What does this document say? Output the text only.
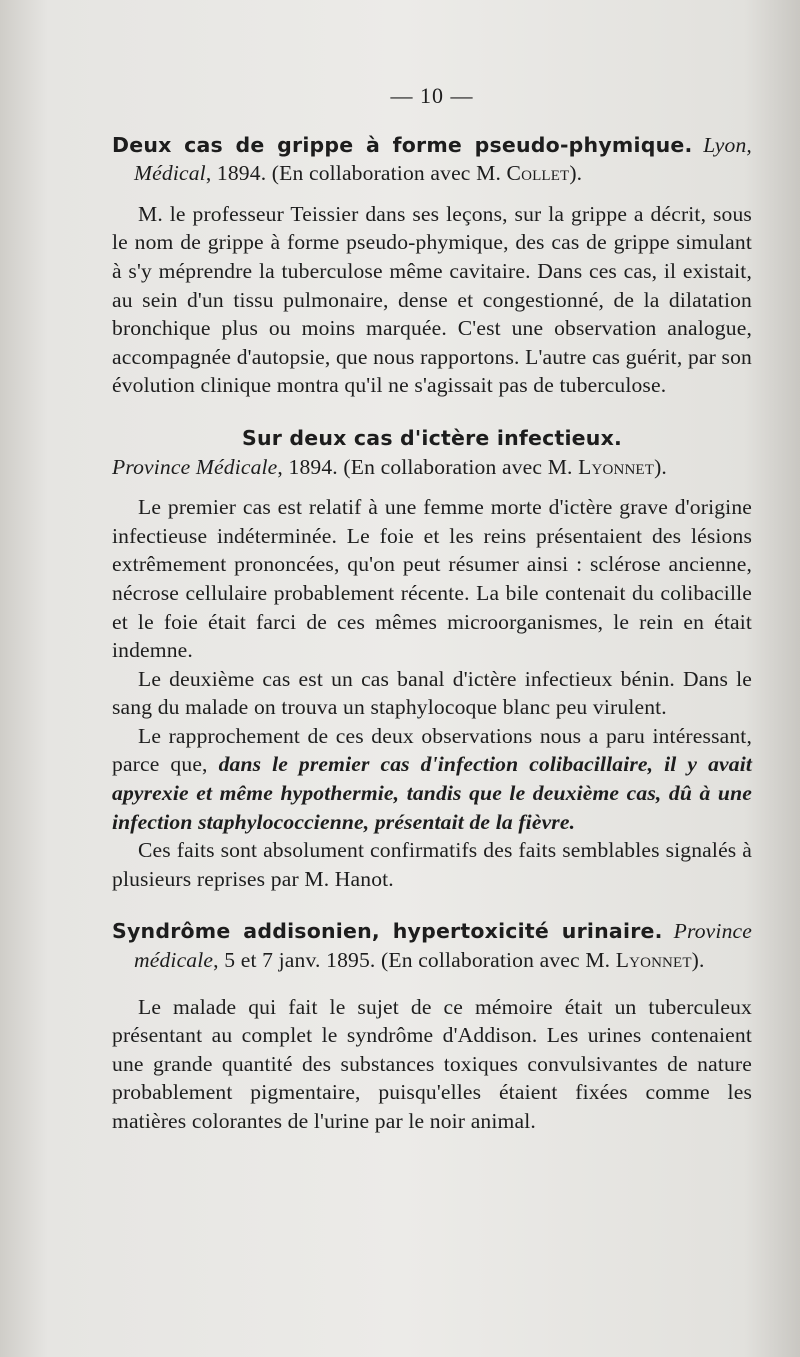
— 10 —
Deux cas de grippe à forme pseudo-phymique. Lyon, Médical, 1894. (En collaboration avec M. Collet).

M. le professeur Teissier dans ses leçons, sur la grippe a décrit, sous le nom de grippe à forme pseudo-phymique, des cas de grippe simulant à s'y méprendre la tuberculose même cavitaire. Dans ces cas, il existait, au sein d'un tissu pulmonaire, dense et congestionné, de la dilatation bronchique plus ou moins marquée. C'est une observation analogue, accompagnée d'autopsie, que nous rapportons. L'autre cas guérit, par son évolution clinique montra qu'il ne s'agissait pas de tuberculose.

Sur deux cas d'ictère infectieux.
Province Médicale, 1894. (En collaboration avec M. Lyonnet).

Le premier cas est relatif à une femme morte d'ictère grave d'origine infectieuse indéterminée. Le foie et les reins présentaient des lésions extrêmement prononcées, qu'on peut résumer ainsi : sclérose ancienne, nécrose cellulaire probablement récente. La bile contenait du colibacille et le foie était farci de ces mêmes microorganismes, le rein en était indemne.

Le deuxième cas est un cas banal d'ictère infectieux bénin. Dans le sang du malade on trouva un staphylocoque blanc peu virulent.

Le rapprochement de ces deux observations nous a paru intéressant, parce que, dans le premier cas d'infection colibacillaire, il y avait apyrexie et même hypothermie, tandis que le deuxième cas, dû à une infection staphylococcienne, présentait de la fièvre.

Ces faits sont absolument confirmatifs des faits semblables signalés à plusieurs reprises par M. Hanot.

Syndrôme addisonien, hypertoxicité urinaire. Province médicale, 5 et 7 janv. 1895. (En collaboration avec M. Lyonnet).

Le malade qui fait le sujet de ce mémoire était un tuberculeux présentant au complet le syndrôme d'Addison. Les urines contenaient une grande quantité des substances toxiques convulsivantes de nature probablement pigmentaire, puisqu'elles étaient fixées comme les matières colorantes de l'urine par le noir animal.
